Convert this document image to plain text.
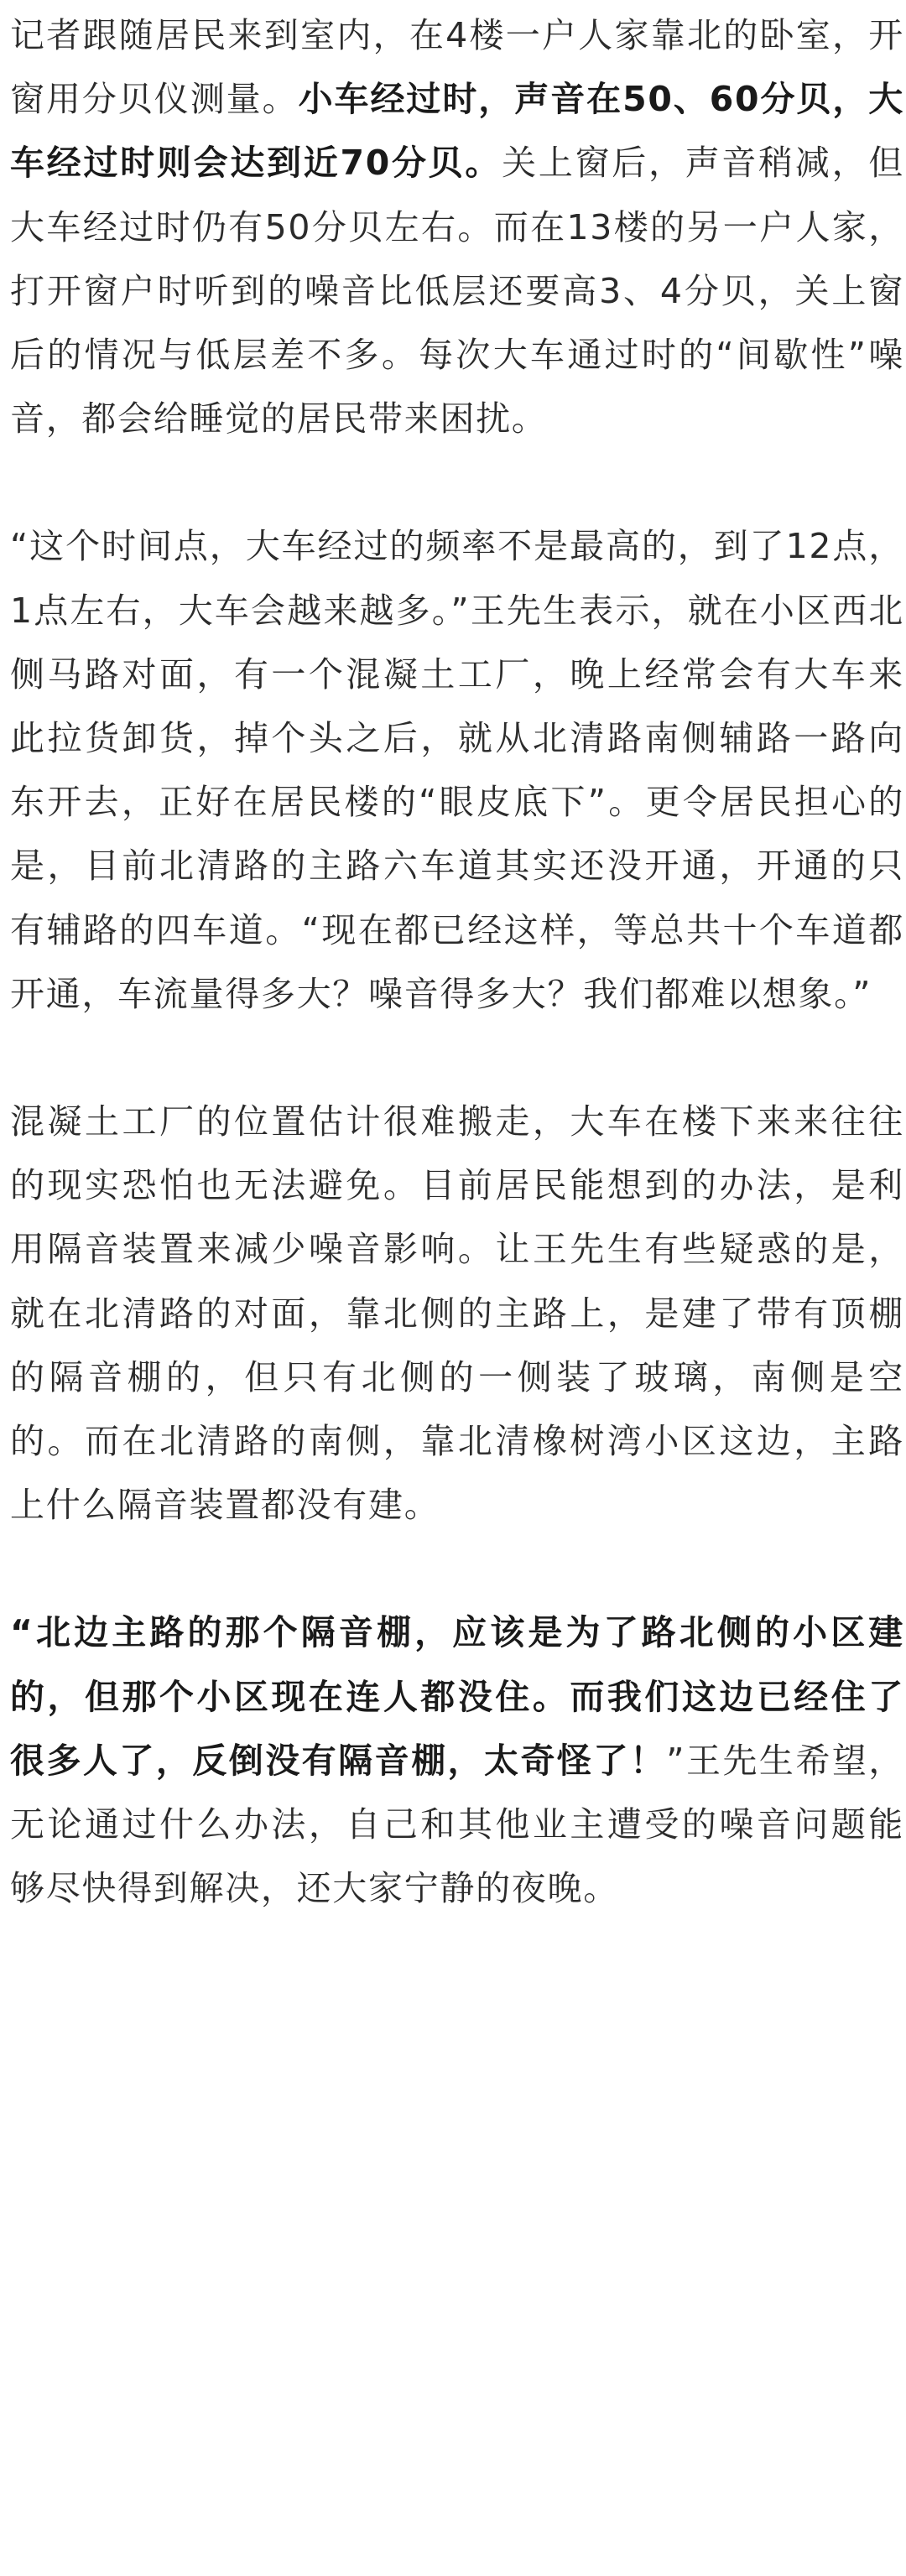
记者跟随居民来到室内，在4楼一户人家靠北的卧室，开窗用分贝仪测量。小车经过时，声音在50、60分贝，大车经过时则会达到近70分贝。关上窗后，声音稍减，但大车经过时仍有50分贝左右。而在13楼的另一户人家，打开窗户时听到的噪音比低层还要高3、4分贝，关上窗后的情况与低层差不多。每次大车通过时的“间歇性”噪音，都会给睡觉的居民带来困扰。

“这个时间点，大车经过的频率不是最高的，到了12点，1点左右，大车会越来越多。”王先生表示，就在小区西北侧马路对面，有一个混凝土工厂，晚上经常会有大车来此拉货卸货，掉个头之后，就从北清路南侧辅路一路向东开去，正好在居民楼的“眼皮底下”。更令居民担心的是，目前北清路的主路六车道其实还没开通，开通的只有辅路的四车道。“现在都已经这样，等总共十个车道都开通，车流量得多大？噪音得多大？我们都难以想象。”

混凝土工厂的位置估计很难搬走，大车在楼下来来往往的现实恐怕也无法避免。目前居民能想到的办法，是利用隔音装置来减少噪音影响。让王先生有些疑惑的是，就在北清路的对面，靠北侧的主路上，是建了带有顶棚的隔音棚的，但只有北侧的一侧装了玻璃，南侧是空的。而在北清路的南侧，靠北清橡树湾小区这边，主路上什么隔音装置都没有建。

“北边主路的那个隔音棚，应该是为了路北侧的小区建的，但那个小区现在连人都没住。而我们这边已经住了很多人了，反倒没有隔音棚，太奇怪了！”王先生希望，无论通过什么办法，自己和其他业主遭受的噪音问题能够尽快得到解决，还大家宁静的夜晚。
